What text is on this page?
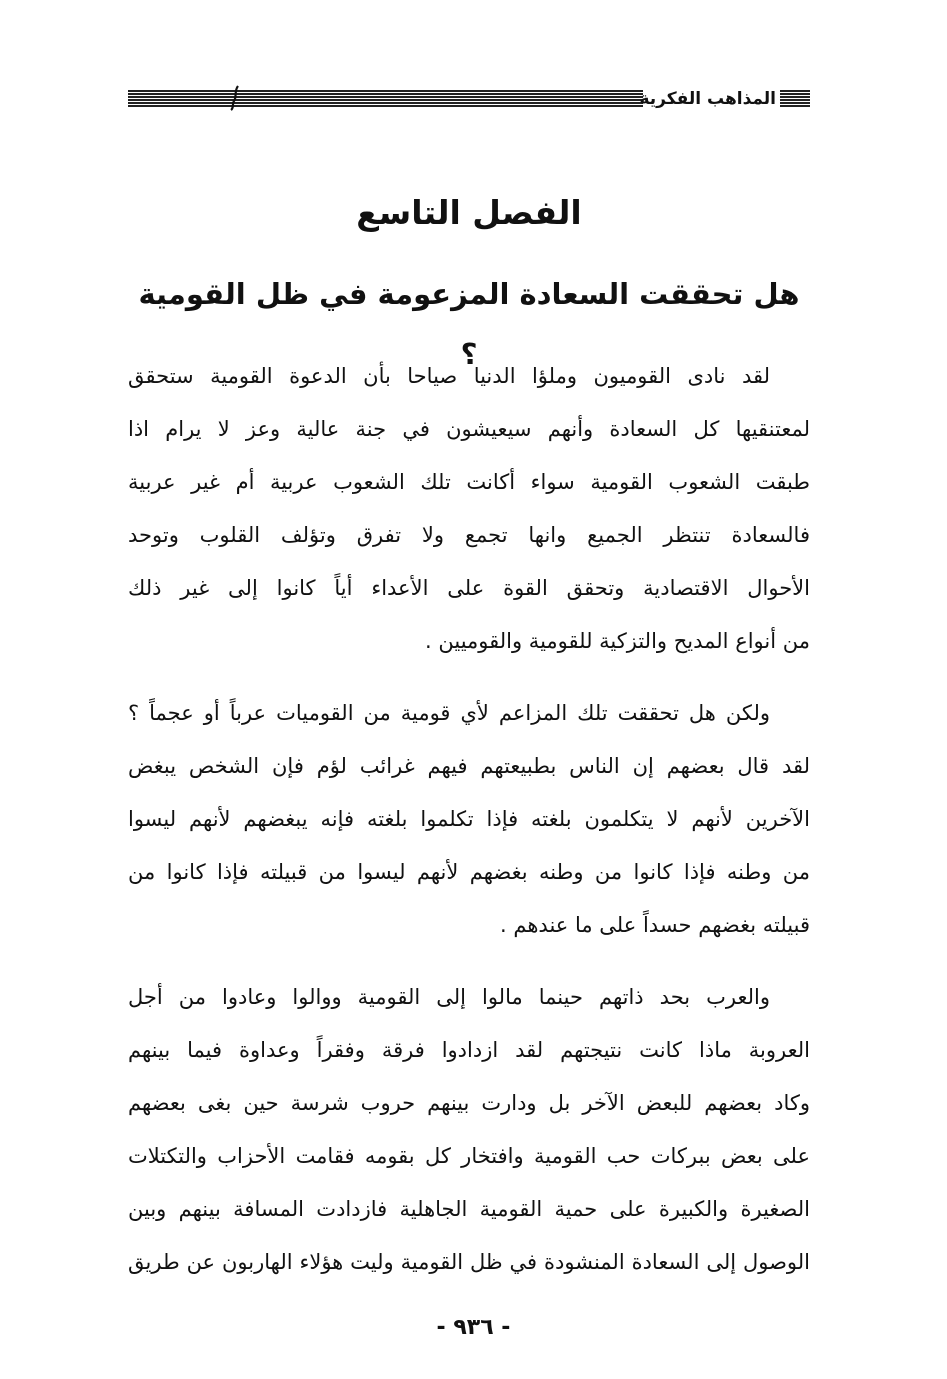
المذاهب الفكرية
الفصل التاسع
هل تحققت السعادة المزعومة في ظل القومية ؟
لقد نادى القوميون وملؤا الدنيا صياحا بأن الدعوة القومية ستحقق
لمعتنقيها كل السعادة وأنهم سيعيشون في جنة عالية وعز لا يرام اذا
طبقت الشعوب القومية سواء أكانت تلك الشعوب عربية أم غير عربية
فالسعادة تنتظر الجميع وانها تجمع ولا تفرق وتؤلف القلوب وتوحد
الأحوال الاقتصادية وتحقق القوة على الأعداء أياً كانوا إلى غير ذلك
من أنواع المديح والتزكية للقومية والقوميين .
ولكن هل تحققت تلك المزاعم لأي قومية من القوميات عرباً أو عجماً ؟
لقد قال بعضهم إن الناس بطبيعتهم فيهم غرائب لؤم فإن الشخص يبغض
الآخرين لأنهم لا يتكلمون بلغته فإذا تكلموا بلغته فإنه يبغضهم لأنهم ليسوا
من وطنه فإذا كانوا من وطنه بغضهم لأنهم ليسوا من قبيلته فإذا كانوا من
قبيلته بغضهم حسداً على ما عندهم .
والعرب بحد ذاتهم حينما مالوا إلى القومية ووالوا وعادوا من أجل
العروبة ماذا كانت نتيجتهم لقد ازدادوا فرقة وفقراً وعداوة فيما بينهم
وكاد بعضهم للبعض الآخر بل ودارت بينهم حروب شرسة حين بغى بعضهم
على بعض ببركات حب القومية وافتخار كل بقومه فقامت الأحزاب والتكتلات
الصغيرة والكبيرة على حمية القومية الجاهلية فازدادت المسافة بينهم وبين
الوصول إلى السعادة المنشودة في ظل القومية وليت هؤلاء الهاربون عن طريق
- ٩٣٦ -
